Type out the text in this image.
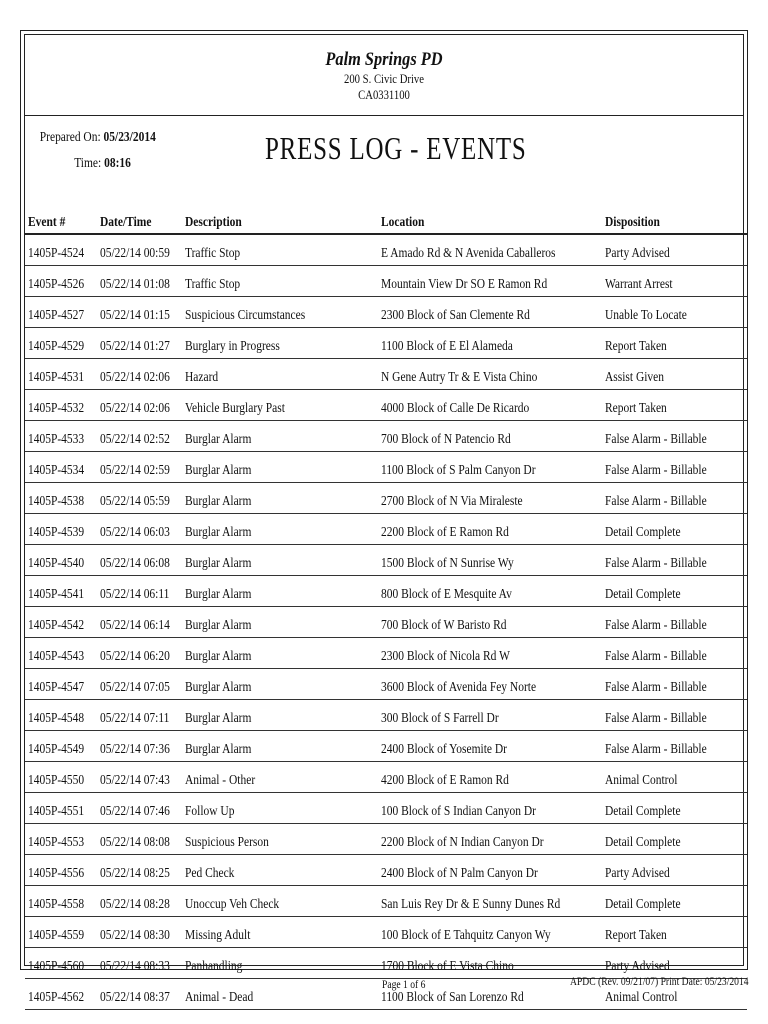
Palm Springs PD
200 S. Civic Drive
CA0331100
Prepared On: 05/23/2014
Time: 08:16	PRESS LOG - EVENTS
Event #	Date/Time	Description	Location	Disposition
1405P-4524	05/22/14 00:59	Traffic Stop	E Amado Rd & N Avenida Caballeros	Party Advised
1405P-4526	05/22/14 01:08	Traffic Stop	Mountain View Dr SO E Ramon Rd	Warrant Arrest
1405P-4527	05/22/14 01:15	Suspicious Circumstances	2300 Block of San Clemente Rd	Unable To Locate
1405P-4529	05/22/14 01:27	Burglary in Progress	1100 Block of E El Alameda	Report Taken
1405P-4531	05/22/14 02:06	Hazard	N Gene Autry Tr & E Vista Chino	Assist Given
1405P-4532	05/22/14 02:06	Vehicle Burglary Past	4000 Block of Calle De Ricardo	Report Taken
1405P-4533	05/22/14 02:52	Burglar Alarm	700 Block of N Patencio Rd	False Alarm - Billable
1405P-4534	05/22/14 02:59	Burglar Alarm	1100 Block of S Palm Canyon Dr	False Alarm - Billable
1405P-4538	05/22/14 05:59	Burglar Alarm	2700 Block of N Via Miraleste	False Alarm - Billable
1405P-4539	05/22/14 06:03	Burglar Alarm	2200 Block of E Ramon Rd	Detail Complete
1405P-4540	05/22/14 06:08	Burglar Alarm	1500 Block of N Sunrise Wy	False Alarm - Billable
1405P-4541	05/22/14 06:11	Burglar Alarm	800 Block of E Mesquite Av	Detail Complete
1405P-4542	05/22/14 06:14	Burglar Alarm	700 Block of W Baristo Rd	False Alarm - Billable
1405P-4543	05/22/14 06:20	Burglar Alarm	2300 Block of Nicola Rd W	False Alarm - Billable
1405P-4547	05/22/14 07:05	Burglar Alarm	3600 Block of Avenida Fey Norte	False Alarm - Billable
1405P-4548	05/22/14 07:11	Burglar Alarm	300 Block of S Farrell Dr	False Alarm - Billable
1405P-4549	05/22/14 07:36	Burglar Alarm	2400 Block of Yosemite Dr	False Alarm - Billable
1405P-4550	05/22/14 07:43	Animal - Other	4200 Block of E Ramon Rd	Animal Control
1405P-4551	05/22/14 07:46	Follow Up	100 Block of S Indian Canyon Dr	Detail Complete
1405P-4553	05/22/14 08:08	Suspicious Person	2200 Block of N Indian Canyon Dr	Detail Complete
1405P-4556	05/22/14 08:25	Ped Check	2400 Block of N Palm Canyon Dr	Party Advised
1405P-4558	05/22/14 08:28	Unoccup Veh Check	San Luis Rey Dr & E Sunny Dunes Rd	Detail Complete
1405P-4559	05/22/14 08:30	Missing Adult	100 Block of E Tahquitz Canyon Wy	Report Taken
1405P-4560	05/22/14 08:33	Panhandling	1700 Block of E Vista Chino	Party Advised
1405P-4562	05/22/14 08:37	Animal - Dead	1100 Block of San Lorenzo Rd	Animal Control
Page 1 of 6	APDC (Rev. 09/21/07) Print Date: 05/23/2014
